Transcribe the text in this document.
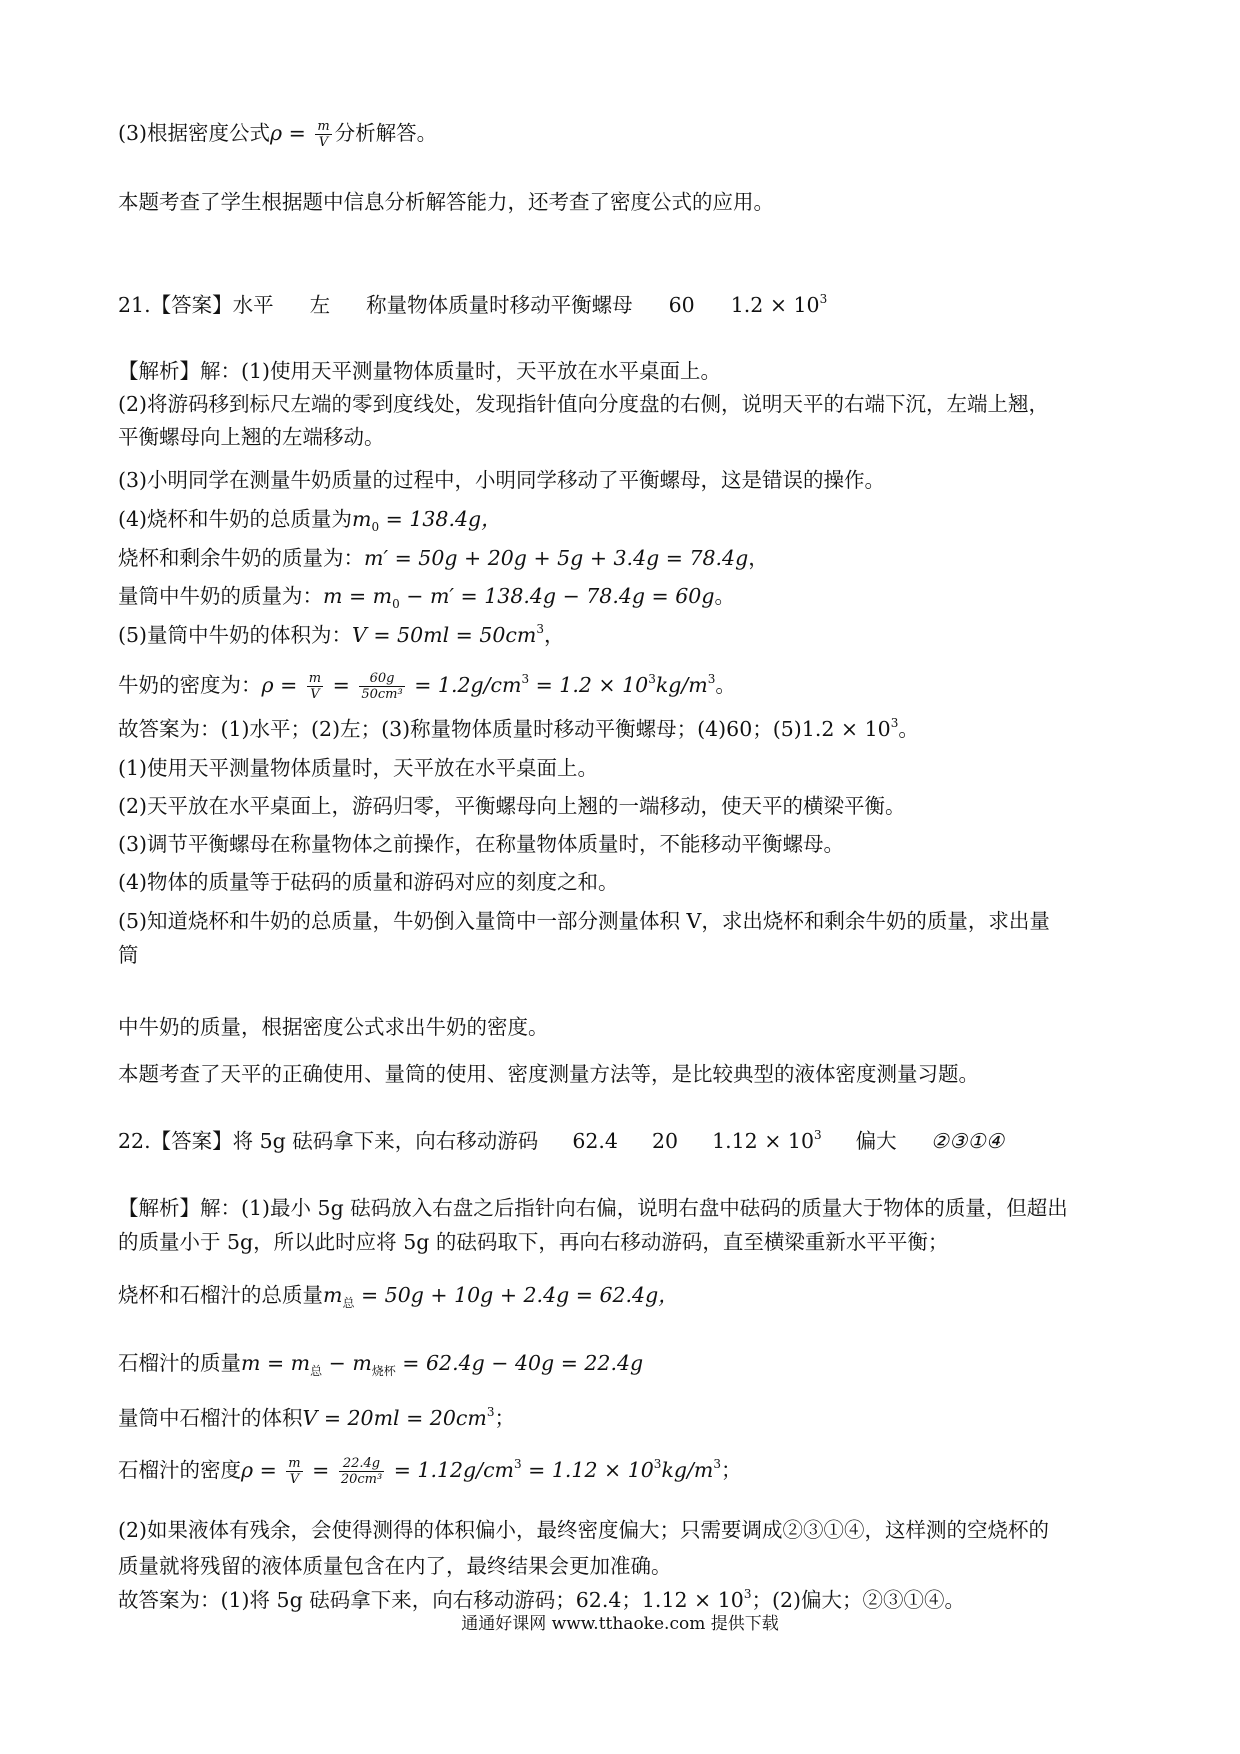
(3)根据密度公式$\rho = \frac{m}{V}$ 分析解答。
本题考查了学生根据题中信息分析解答能力，还考查了密度公式的应用。
21.【答案】水平 左 称量物体质量时移动平衡螺母 60 $1.2 \times 10^3$
【解析】解：(1)使用天平测量物体质量时，天平放在水平桌面上。
(2)将游码移到标尺左端的零到度线处，发现指针值向分度盘的右侧，说明天平的右端下沉，左端上翘，
平衡螺母向上翘的左端移动。
(3)小明同学在测量牛奶质量的过程中，小明同学移动了平衡螺母，这是错误的操作。
(4)烧杯和牛奶的总质量为$m_0 = 138.4g$，
烧杯和剩余牛奶的质量为：m′ = 50g + 20g + 5g + 3.4g = 78.4g，
量筒中牛奶的质量为：$m = m_0 - m' = 138.4g - 78.4g = 60g$。
(5)量筒中牛奶的体积为：$V = 50ml = 50cm^3$，
牛奶的密度为：$\rho = \frac{m}{V} = \frac{60g}{\text{50cm³}} = 1.2g/cm^3 = 1.2 \times 10^3kg/m^3$。
故答案为：(1)水平；(2)左；(3)称量物体质量时移动平衡螺母；(4)60；$(5)1.2 \times 10^3$。
(1)使用天平测量物体质量时，天平放在水平桌面上。
(2)天平放在水平桌面上，游码归零，平衡螺母向上翘的一端移动，使天平的横梁平衡。
(3)调节平衡螺母在称量物体之前操作，在称量物体质量时，不能移动平衡螺母。
(4)物体的质量等于砝码的质量和游码对应的刻度之和。
(5)知道烧杯和牛奶的总质量，牛奶倒入量筒中一部分测量体积 V，求出烧杯和剩余牛奶的质量，求出量
筒
中牛奶的质量，根据密度公式求出牛奶的密度。
本题考查了天平的正确使用、量筒的使用、密度测量方法等，是比较典型的液体密度测量习题。
22.【答案】将 5g 砝码拿下来，向右移动游码 62.4 20 $1.12 \times 10^3$ 偏大 ②③①④
【解析】解：(1)最小 5g 砝码放入右盘之后指针向右偏，说明右盘中砝码的质量大于物体的质量，但超出
的质量小于 5g，所以此时应将 5g 的砝码取下，再向右移动游码，直至横梁重新水平平衡；
烧杯和石榴汁的总质量$m_总 = 50g + 10g + 2.4g = 62.4g$，
石榴汁的质量$m = m_总 - m_{烧杯} = 62.4g - 40g = 22.4g$
量筒中石榴汁的体积$V = 20ml = 20cm^3$；
石榴汁的密度$\rho = \frac{m}{V} = \frac{22.4g}{\text{20cm³}} = 1.12g/cm^3 = 1.12 \times 10^3kg/m^3$；
(2)如果液体有残余，会使得测得的体积偏小，最终密度偏大；只需要调成②③①④，这样测的空烧杯的
质量就将残留的液体质量包含在内了，最终结果会更加准确。
故答案为：(1)将 5g 砝码拿下来，向右移动游码；62.4；$1.12 \times 10^3$；(2)偏大；②③①④。
通通好课网 www.tthaoke.com 提供下载
